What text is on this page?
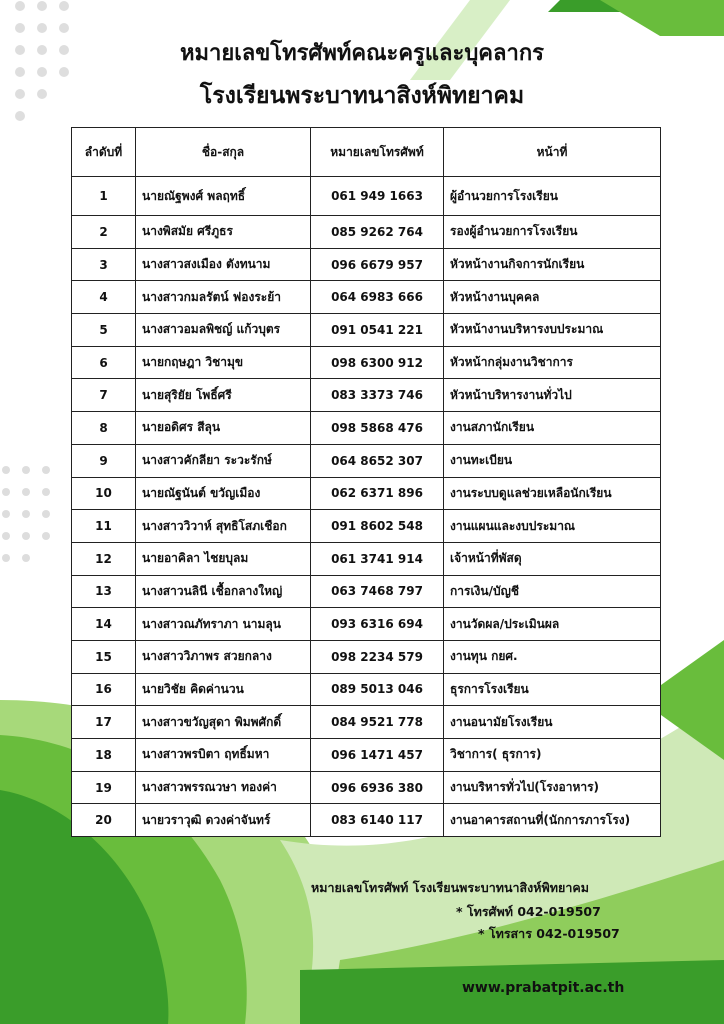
หมายเลขโทรศัพท์คณะครูและบุคลากร
โรงเรียนพระบาทนาสิงห์พิทยาคม
ลำดับที่	ชื่อ-สกุล	หมายเลขโทรศัพท์	หน้าที่
1	นายณัฐพงศ์ พลฤทธิ์	061 949 1663	ผู้อำนวยการโรงเรียน
2	นางพิสมัย ศรีภูธร	085 9262 764	รองผู้อำนวยการโรงเรียน
3	นางสาวสงเมือง ตังทนาม	096 6679 957	หัวหน้างานกิจการนักเรียน
4	นางสาวกมลรัตน์ ฟองระย้า	064 6983 666	หัวหน้างานบุคคล
5	นางสาวอมลพิชญ์ แก้วบุตร	091 0541 221	หัวหน้างานบริหารงบประมาณ
6	นายกฤษฎา วิชามุข	098 6300 912	หัวหน้ากลุ่มงานวิชาการ
7	นายสุริยัย โพธิ์ศรี	083 3373 746	หัวหน้าบริหารงานทั่วไป
8	นายอดิศร สีลุน	098 5868 476	งานสภานักเรียน
9	นางสาวคักลียา ระวะรักษ์	064 8652 307	งานทะเบียน
10	นายณัฐนันต์ ขวัญเมือง	062 6371 896	งานระบบดูแลช่วยเหลือนักเรียน
11	นางสาววิวาห์ สุทธิโสภเชือก	091 8602 548	งานแผนและงบประมาณ
12	นายอาคิลา ไชยบุลม	061 3741 914	เจ้าหน้าที่พัสดุ
13	นางสาวนลินี เชื้อกลางใหญ่	063 7468 797	การเงิน/บัญชี
14	นางสาวณภัทราภา นามลุน	093 6316 694	งานวัดผล/ประเมินผล
15	นางสาววิภาพร สวยกลาง	098 2234 579	งานทุน กยศ.
16	นายวิชัย คิดค่านวน	089 5013 046	ธุรการโรงเรียน
17	นางสาวขวัญสุดา พิมพศักดิ์	084 9521 778	งานอนามัยโรงเรียน
18	นางสาวพรบิตา ฤทธิ์มหา	096 1471 457	วิชาการ( ธุรการ)
19	นางสาวพรรณวษา ทองค่า	096 6936 380	งานบริหารทั่วไป(โรงอาหาร)
20	นายวราวุฒิ ดวงค่าจันทร์	083 6140 117	งานอาคารสถานที่(นักการภารโรง)
หมายเลขโทรศัพท์ โรงเรียนพระบาทนาสิงห์พิทยาคม
* โทรศัพท์ 042-019507
* โทรสาร 042-019507
www.prabatpit.ac.th
